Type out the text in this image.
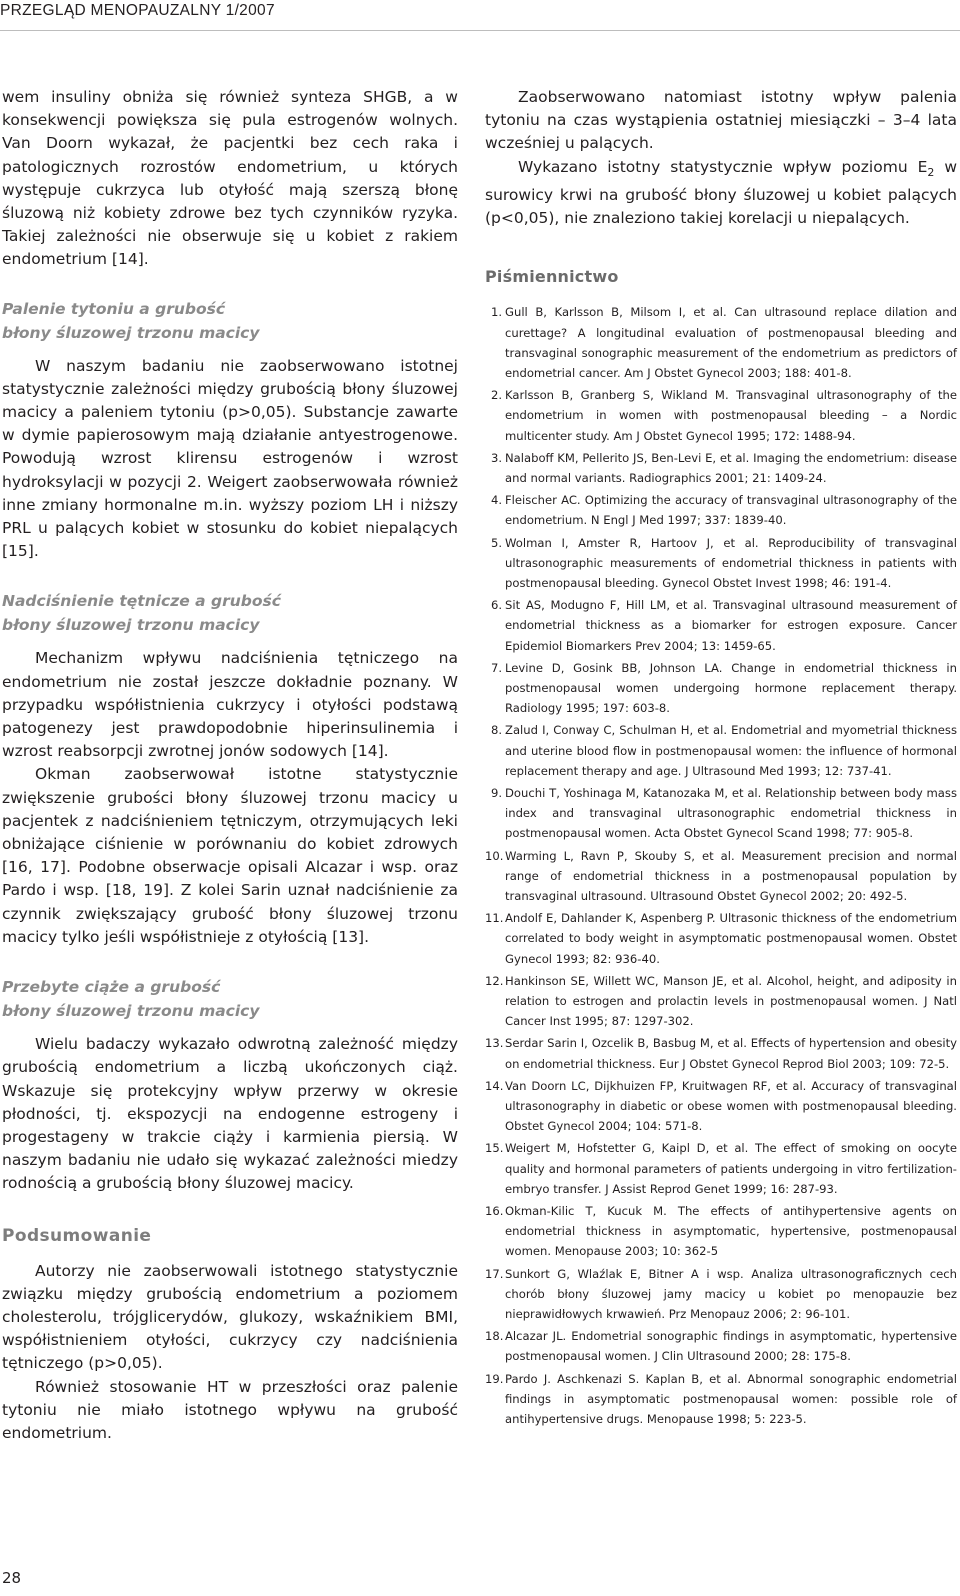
PRZEGLĄD MENOPAUZALNY 1/2007

wem insuliny obniża się również synteza SHGB, a w konsekwencji powiększa się pula estrogenów wolnych. Van Doorn wykazał, że pacjentki bez cech raka i patologicznych rozrostów endometrium, u których występuje cukrzyca lub otyłość mają szerszą błonę śluzową niż kobiety zdrowe bez tych czynników ryzyka. Takiej zależności nie obserwuje się u kobiet z rakiem endometrium [14].

Palenie tytoniu a grubość
błony śluzowej trzonu macicy

W naszym badaniu nie zaobserwowano istotnej statystycznie zależności między grubością błony śluzowej macicy a paleniem tytoniu (p>0,05). Substancje zawarte w dymie papierosowym mają działanie antyestrogenowe. Powodują wzrost klirensu estrogenów i wzrost hydroksylacji w pozycji 2. Weigert zaobserwowała również inne zmiany hormonalne m.in. wyższy poziom LH i niższy PRL u palących kobiet w stosunku do kobiet niepalących [15].

Nadciśnienie tętnicze a grubość
błony śluzowej trzonu macicy

Mechanizm wpływu nadciśnienia tętniczego na endometrium nie został jeszcze dokładnie poznany. W przypadku współistnienia cukrzycy i otyłości podstawą patogenezy jest prawdopodobnie hiperinsulinemia i wzrost reabsorpcji zwrotnej jonów sodowych [14].

Okman zaobserwował istotne statystycznie zwiększenie grubości błony śluzowej trzonu macicy u pacjentek z nadciśnieniem tętniczym, otrzymujących leki obniżające ciśnienie w porównaniu do kobiet zdrowych [16, 17]. Podobne obserwacje opisali Alcazar i wsp. oraz Pardo i wsp. [18, 19]. Z kolei Sarin uznał nadciśnienie za czynnik zwiększający grubość błony śluzowej trzonu macicy tylko jeśli współistnieje z otyłością [13].

Przebyte ciąże a grubość
błony śluzowej trzonu macicy

Wielu badaczy wykazało odwrotną zależność między grubością endometrium a liczbą ukończonych ciąż. Wskazuje się protekcyjny wpływ przerwy w okresie płodności, tj. ekspozycji na endogenne estrogeny i progestageny w trakcie ciąży i karmienia piersią. W naszym badaniu nie udało się wykazać zależności miedzy rodnością a grubością błony śluzowej macicy.

Podsumowanie

Autorzy nie zaobserwowali istotnego statystycznie związku między grubością endometrium a poziomem cholesterolu, trójglicerydów, glukozy, wskaźnikiem BMI, współistnieniem otyłości, cukrzycy czy nadciśnienia tętniczego (p>0,05).

Również stosowanie HT w przeszłości oraz palenie tytoniu nie miało istotnego wpływu na grubość endometrium.

Zaobserwowano natomiast istotny wpływ palenia tytoniu na czas wystąpienia ostatniej miesiączki – 3–4 lata wcześniej u palących.

Wykazano istotny statystycznie wpływ poziomu $E_2$ w surowicy krwi na grubość błony śluzowej u kobiet palących (p<0,05), nie znaleziono takiej korelacji u niepalących.

Piśmiennictwo
1. Gull B, Karlsson B, Milsom I, et al. Can ultrasound replace dilation and curettage? A longitudinal evaluation of postmenopausal bleeding and transvaginal sonographic measurement of the endometrium as predictors of endometrial cancer. Am J Obstet Gynecol 2003; 188: 401-8.
2. Karlsson B, Granberg S, Wikland M. Transvaginal ultrasonography of the endometrium in women with postmenopausal bleeding – a Nordic multicenter study. Am J Obstet Gynecol 1995; 172: 1488-94.
3. Nalaboff KM, Pellerito JS, Ben-Levi E, et al. Imaging the endometrium: disease and normal variants. Radiographics 2001; 21: 1409-24.
4. Fleischer AC. Optimizing the accuracy of transvaginal ultrasonography of the endometrium. N Engl J Med 1997; 337: 1839-40.
5. Wolman I, Amster R, Hartoov J, et al. Reproducibility of transvaginal ultrasonographic measurements of endometrial thickness in patients with postmenopausal bleeding. Gynecol Obstet Invest 1998; 46: 191-4.
6. Sit AS, Modugno F, Hill LM, et al. Transvaginal ultrasound measurement of endometrial thickness as a biomarker for estrogen exposure. Cancer Epidemiol Biomarkers Prev 2004; 13: 1459-65.
7. Levine D, Gosink BB, Johnson LA. Change in endometrial thickness in postmenopausal women undergoing hormone replacement therapy. Radiology 1995; 197: 603-8.
8. Zalud I, Conway C, Schulman H, et al. Endometrial and myometrial thickness and uterine blood flow in postmenopausal women: the influence of hormonal replacement therapy and age. J Ultrasound Med 1993; 12: 737-41.
9. Douchi T, Yoshinaga M, Katanozaka M, et al. Relationship between body mass index and transvaginal ultrasonographic endometrial thickness in postmenopausal women. Acta Obstet Gynecol Scand 1998; 77: 905-8.
10. Warming L, Ravn P, Skouby S, et al. Measurement precision and normal range of endometrial thickness in a postmenopausal population by transvaginal ultrasound. Ultrasound Obstet Gynecol 2002; 20: 492-5.
11. Andolf E, Dahlander K, Aspenberg P. Ultrasonic thickness of the endometrium correlated to body weight in asymptomatic postmenopausal women. Obstet Gynecol 1993; 82: 936-40.
12. Hankinson SE, Willett WC, Manson JE, et al. Alcohol, height, and adiposity in relation to estrogen and prolactin levels in postmenopausal women. J Natl Cancer Inst 1995; 87: 1297-302.
13. Serdar Sarin I, Ozcelik B, Basbug M, et al. Effects of hypertension and obesity on endometrial thickness. Eur J Obstet Gynecol Reprod Biol 2003; 109: 72-5.
14. Van Doorn LC, Dijkhuizen FP, Kruitwagen RF, et al. Accuracy of transvaginal ultrasonography in diabetic or obese women with postmenopausal bleeding. Obstet Gynecol 2004; 104: 571-8.
15. Weigert M, Hofstetter G, Kaipl D, et al. The effect of smoking on oocyte quality and hormonal parameters of patients undergoing in vitro fertilization-embryo transfer. J Assist Reprod Genet 1999; 16: 287-93.
16. Okman-Kilic T, Kucuk M. The effects of antihypertensive agents on endometrial thickness in asymptomatic, hypertensive, postmenopausal women. Menopause 2003; 10: 362-5
17. Sunkort G, Wlaźlak E, Bitner A i wsp. Analiza ultrasonograficznych cech chorób błony śluzowej jamy macicy u kobiet po menopauzie bez nieprawidłowych krwawień. Prz Menopauz 2006; 2: 96-101.
18. Alcazar JL. Endometrial sonographic findings in asymptomatic, hypertensive postmenopausal women. J Clin Ultrasound 2000; 28: 175-8.
19. Pardo J. Aschkenazi S. Kaplan B, et al. Abnormal sonographic endometrial findings in asymptomatic postmenopausal women: possible role of antihypertensive drugs. Menopause 1998; 5: 223-5.
28
